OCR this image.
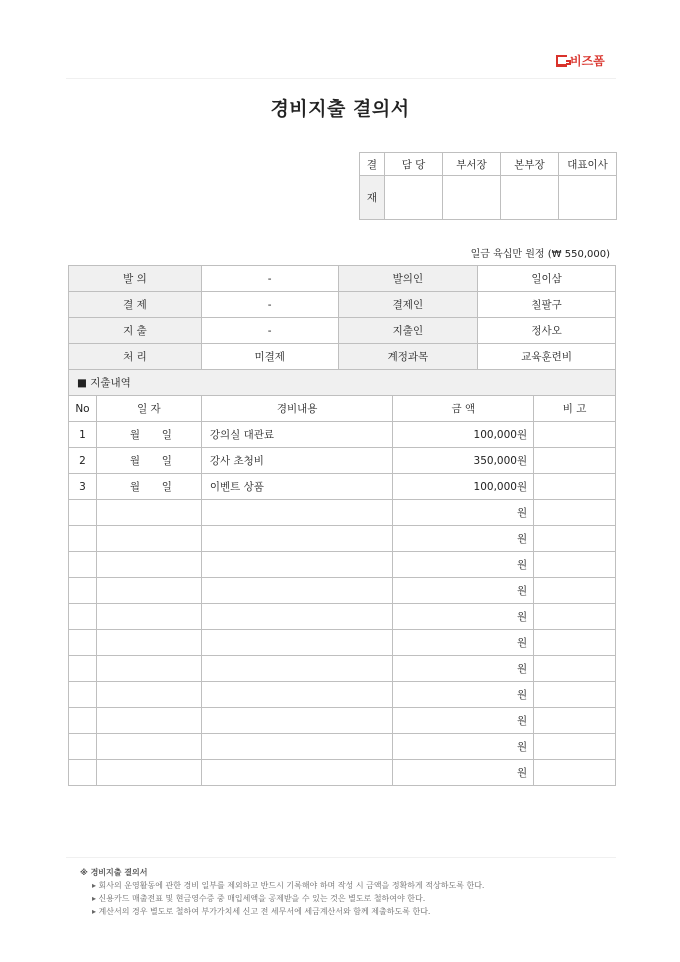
비즈폼
경비지출 결의서
결	담 당	부서장	본부장	대표이사
재				
일금 육십만 원정 (₩ 550,000)
발 의		-	발의인		일이삼	
결 제		-	결제인		칠팔구	
지 출		-	지출인		정사오	
처 리		미결제	계정과목		교육훈련비	
■ 지출내역						
No	일 자	경비내용		금 액		비 고
1	월 일	강의실 대관료		100,000원		
2	월 일	강사 초청비		350,000원		
3	월 일	이벤트 상품		100,000원		

			원		

			원		

			원		

			원		

			원		

			원		

			원		

			원		

			원		

			원		

			원		
※ 경비지출 결의서
▸ 회사의 운영활동에 관한 경비 일부를 제외하고 반드시 기록해야 하며 작성 시 금액을 정확하게 적상하도록 한다.
▸ 신용카드 매출전표 및 현금영수증 중 매입세액을 공제받을 수 있는 것은 별도로 철하여야 한다.
▸ 계산서의 경우 별도로 철하여 부가가치세 신고 전 세무서에 세금계산서와 함께 제출하도록 한다.
